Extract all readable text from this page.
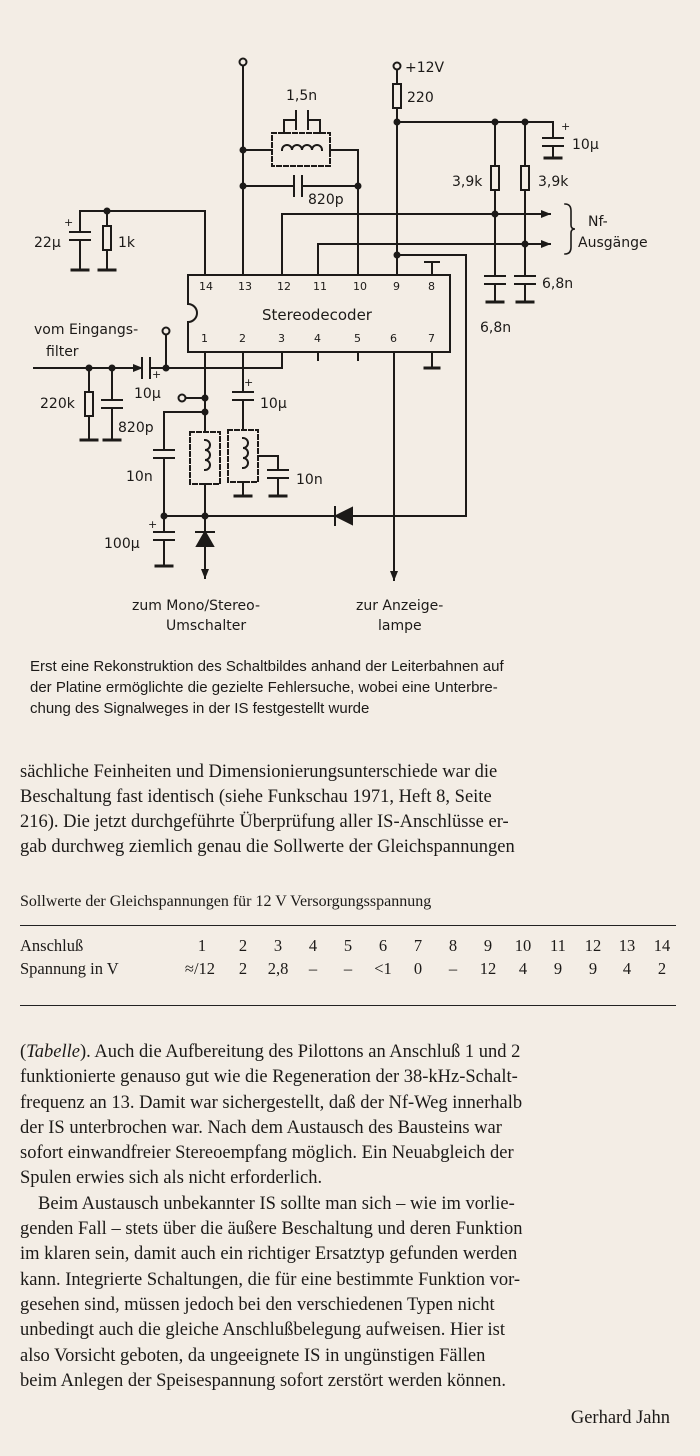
Stereodecoder
14 13 12 11 10 9	8
1	2	3	4	5	6	7
+12V
220
10µ
1,5n
820p
3,9k	3,9k
Nf-
Ausgänge
22µ	1k
6,8n
6,8n
vom Eingangs-
filter
10µ
220k
820p
10µ
10n	10n
100µ
zum Mono/Stereo-
Umschalter
zur Anzeige-
lampe
+
+
+
+
+

Erst eine Rekonstruktion des Schaltbildes anhand der Leiterbahnen auf

der Platine ermöglichte die gezielte Fehlersuche, wobei eine Unterbre-

chung des Signalweges in der IS festgestellt wurde

sächliche Feinheiten und Dimensionierungsunterschiede war die

Beschaltung fast identisch (siehe Funkschau 1971, Heft 8, Seite

216). Die jetzt durchgeführte Überprüfung aller IS-Anschlüsse er-

gab durchweg ziemlich genau die Sollwerte der Gleichspannungen

Sollwerte der Gleichspannungen für 12 V Versorgungsspannung
Anschluß	1	2	3	4	5	6	7	8	9	10	11	12	13	14
Spannung in V	≈/12	2	2,8	–	–	<1	0	–	12	4	9	9	4	2

(Tabelle). Auch die Aufbereitung des Pilottons an Anschluß 1 und 2

funktionierte genauso gut wie die Regeneration der 38-kHz-Schalt-

frequenz an 13. Damit war sichergestellt, daß der Nf-Weg innerhalb

der IS unterbrochen war. Nach dem Austausch des Bausteins war

sofort einwandfreier Stereoempfang möglich. Ein Neuabgleich der

Spulen erwies sich als nicht erforderlich.

Beim Austausch unbekannter IS sollte man sich – wie im vorlie-

genden Fall – stets über die äußere Beschaltung und deren Funktion

im klaren sein, damit auch ein richtiger Ersatztyp gefunden werden

kann. Integrierte Schaltungen, die für eine bestimmte Funktion vor-

gesehen sind, müssen jedoch bei den verschiedenen Typen nicht

unbedingt auch die gleiche Anschlußbelegung aufweisen. Hier ist

also Vorsicht geboten, da ungeeignete IS in ungünstigen Fällen

beim Anlegen der Speisespannung sofort zerstört werden können.

Gerhard Jahn
